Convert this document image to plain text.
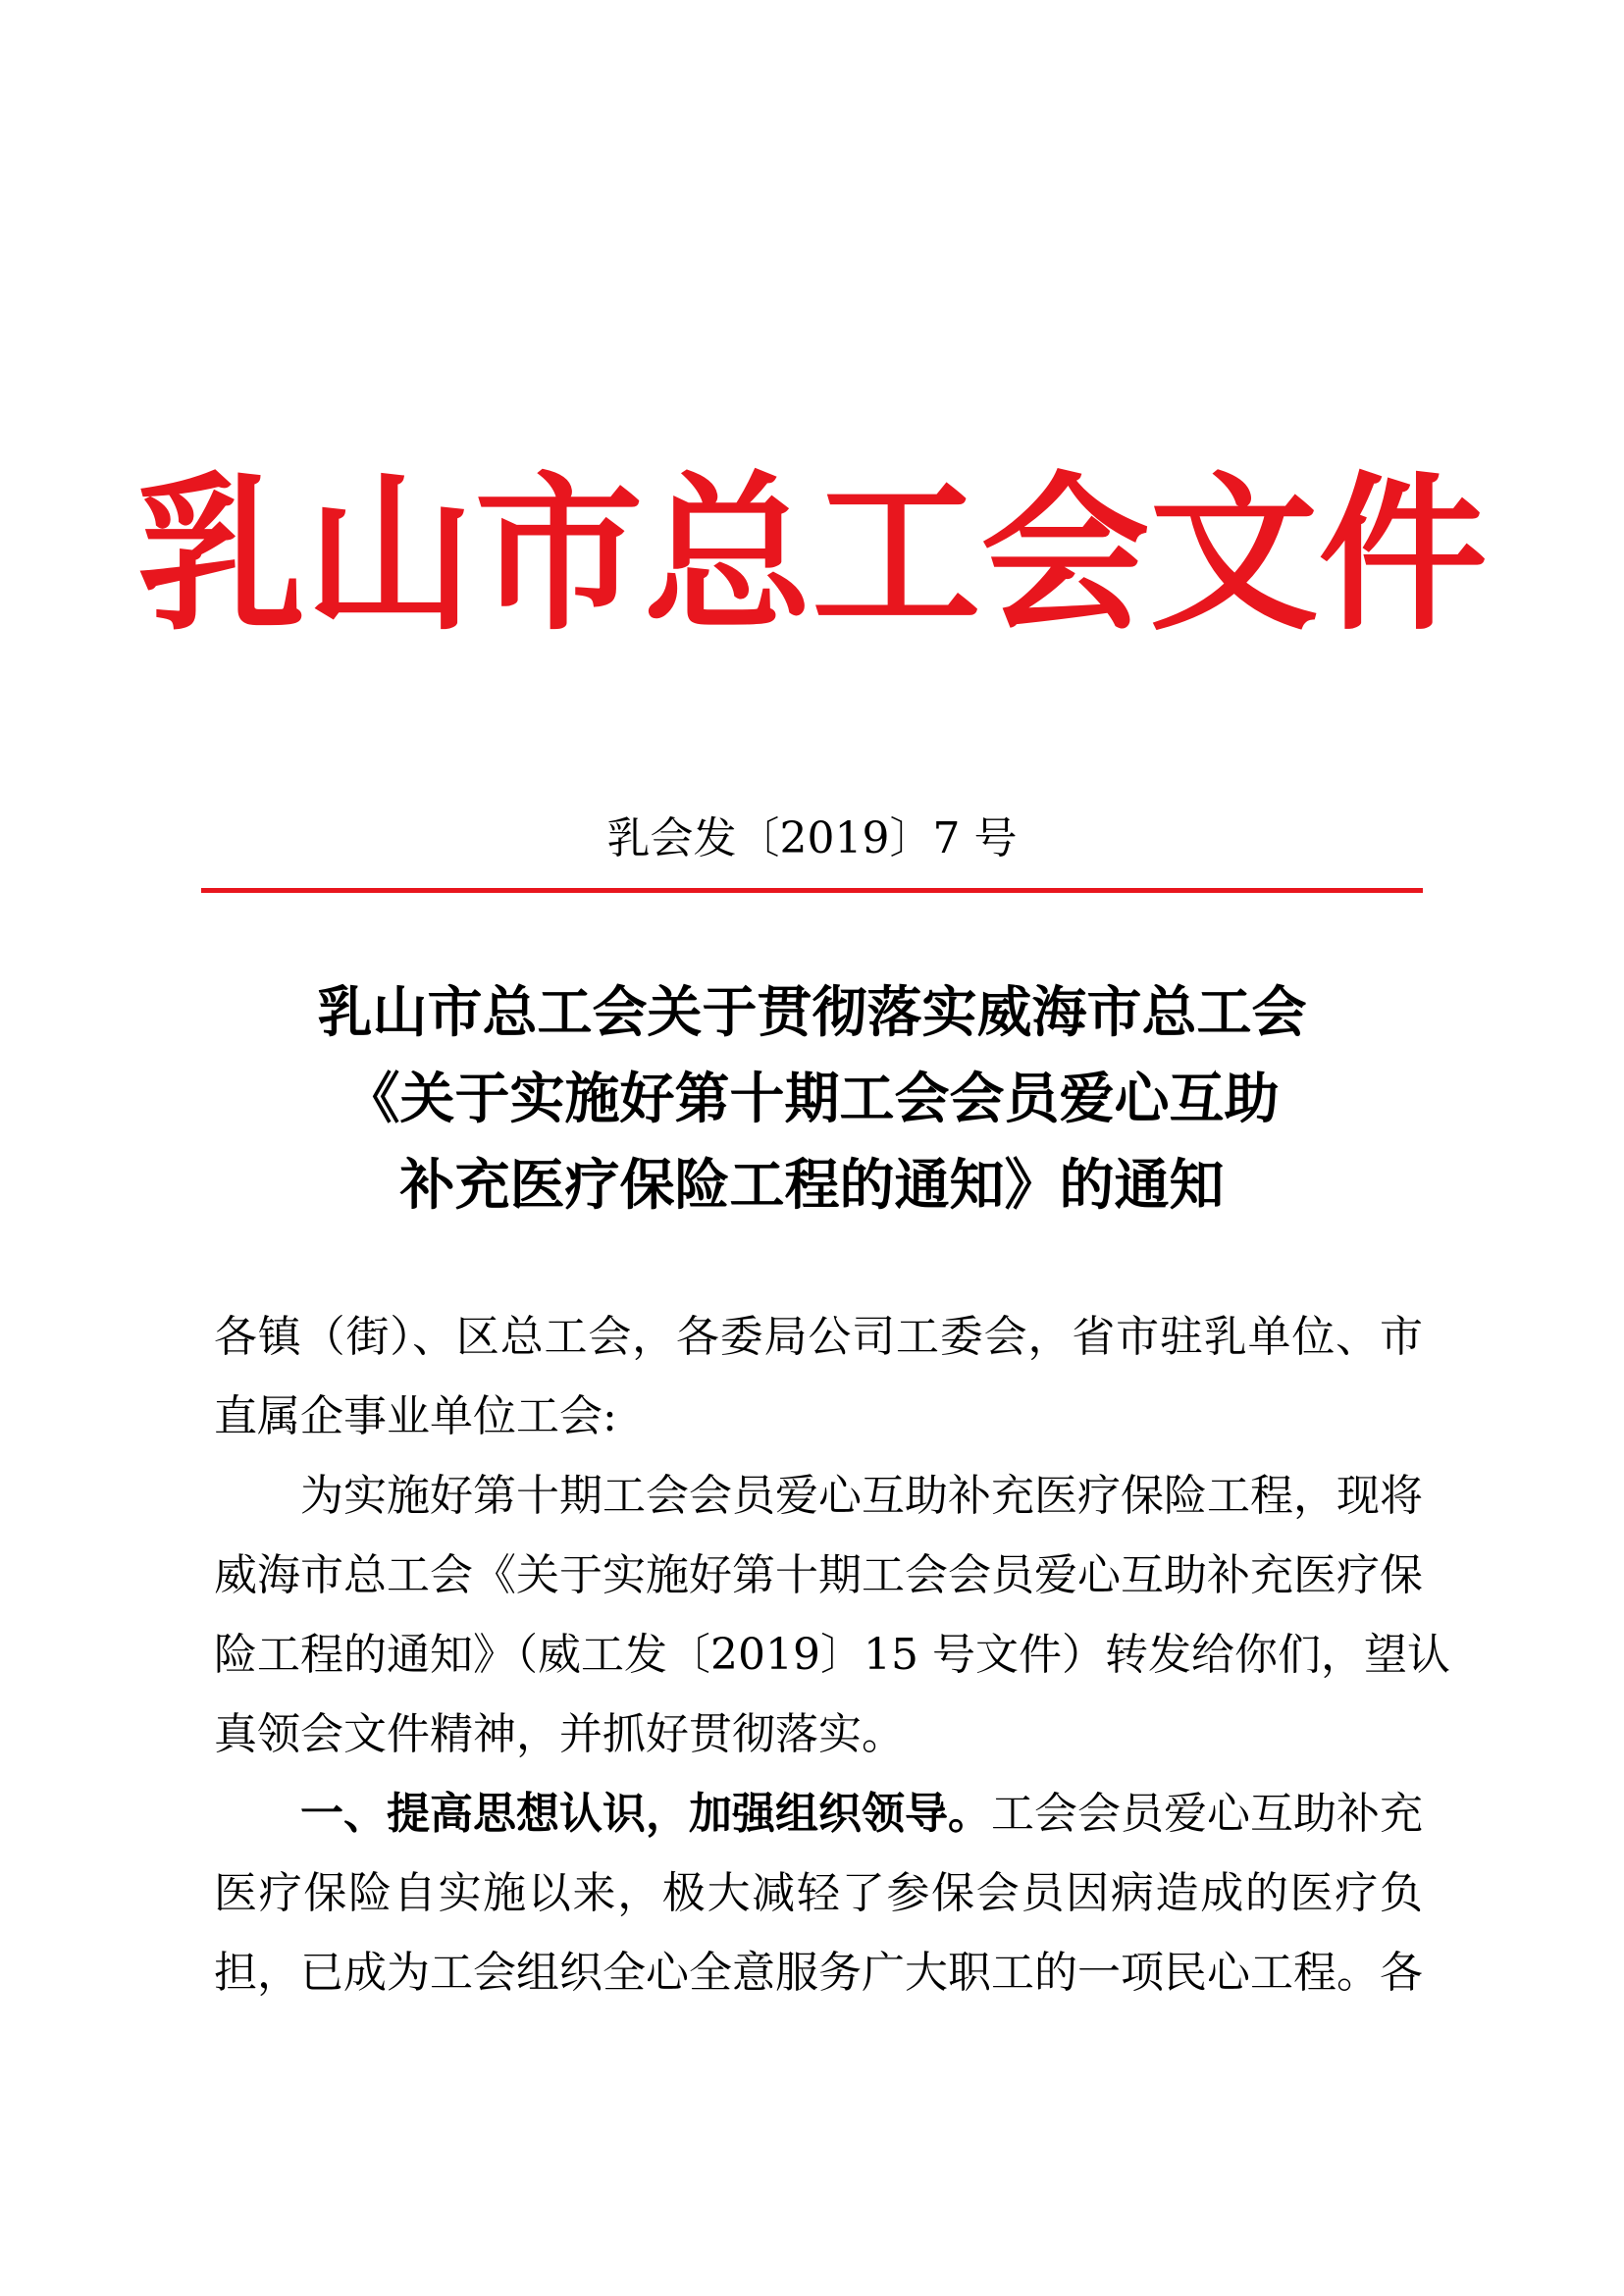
乳山市总工会文件
乳会发〔2019〕7 号
乳山市总工会关于贯彻落实威海市总工会
《关于实施好第十期工会会员爱心互助
补充医疗保险工程的通知》的通知
各镇（街）、区总工会，各委局公司工委会，省市驻乳单位、市
直属企事业单位工会:
为实施好第十期工会会员爱心互助补充医疗保险工程，现将
威海市总工会《关于实施好第十期工会会员爱心互助补充医疗保
险工程的通知》（威工发〔2019〕15 号文件）转发给你们，望认
真领会文件精神，并抓好贯彻落实。
一、提高思想认识，加强组织领导。工会会员爱心互助补充
医疗保险自实施以来，极大减轻了参保会员因病造成的医疗负
担，已成为工会组织全心全意服务广大职工的一项民心工程。各
